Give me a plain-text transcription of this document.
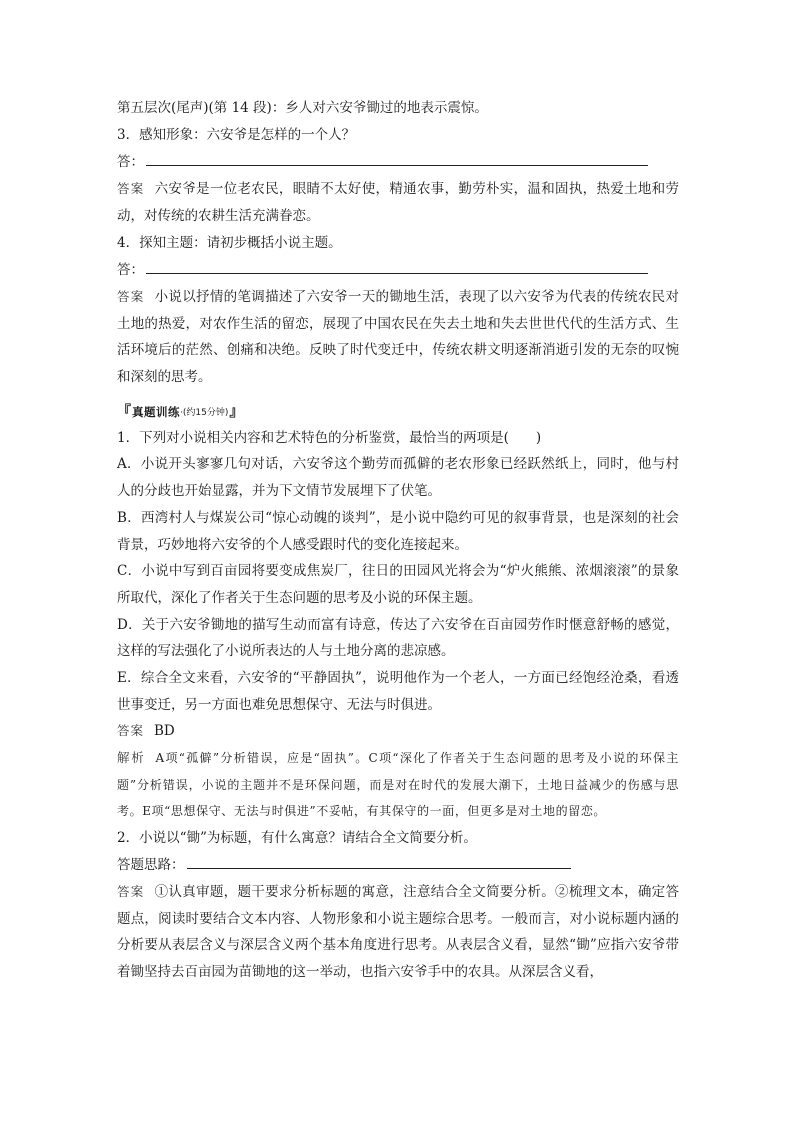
第五层次(尾声)(第 14 段)：乡人对六安爷锄过的地表示震惊。

3．感知形象：六安爷是怎样的一个人？

答：

答案 六安爷是一位老农民，眼睛不太好使，精通农事，勤劳朴实，温和固执，热爱土地和劳动，对传统的农耕生活充满眷恋。

4．探知主题：请初步概括小说主题。

答：

答案 小说以抒情的笔调描述了六安爷一天的锄地生活，表现了以六安爷为代表的传统农民对土地的热爱，对农作生活的留恋，展现了中国农民在失去土地和失去世世代代的生活方式、生活环境后的茫然、创痛和决绝。反映了时代变迁中，传统农耕文明逐渐消逝引发的无奈的叹惋和深刻的思考。

『 真题训练 ·(约15分钟) 』

1．下列对小说相关内容和艺术特色的分析鉴赏，最恰当的两项是(　　)

A．小说开头寥寥几句对话，六安爷这个勤劳而孤僻的老农形象已经跃然纸上，同时，他与村人的分歧也开始显露，并为下文情节发展埋下了伏笔。

B．西湾村人与煤炭公司“惊心动魄的谈判”，是小说中隐约可见的叙事背景，也是深刻的社会背景，巧妙地将六安爷的个人感受跟时代的变化连接起来。

C．小说中写到百亩园将要变成焦炭厂，往日的田园风光将会为“炉火熊熊、浓烟滚滚”的景象所取代，深化了作者关于生态问题的思考及小说的环保主题。

D．关于六安爷锄地的描写生动而富有诗意，传达了六安爷在百亩园劳作时惬意舒畅的感觉，这样的写法强化了小说所表达的人与土地分离的悲凉感。

E．综合全文来看，六安爷的“平静固执”，说明他作为一个老人，一方面已经饱经沧桑，看透世事变迁，另一方面也难免思想保守、无法与时俱进。

答案 BD

解析 A项“孤僻”分析错误，应是“固执”。C项“深化了作者关于生态问题的思考及小说的环保主题”分析错误，小说的主题并不是环保问题，而是对在时代的发展大潮下，土地日益减少的伤感与思考。E项“思想保守、无法与时俱进”不妥帖，有其保守的一面，但更多是对土地的留恋。

2．小说以“锄”为标题，有什么寓意？请结合全文简要分析。

答题思路：

答案 ①认真审题，题干要求分析标题的寓意，注意结合全文简要分析。②梳理文本，确定答题点，阅读时要结合文本内容、人物形象和小说主题综合思考。一般而言，对小说标题内涵的分析要从表层含义与深层含义两个基本角度进行思考。从表层含义看，显然“锄”应指六安爷带着锄坚持去百亩园为苗锄地的这一举动，也指六安爷手中的农具。从深层含义看，
